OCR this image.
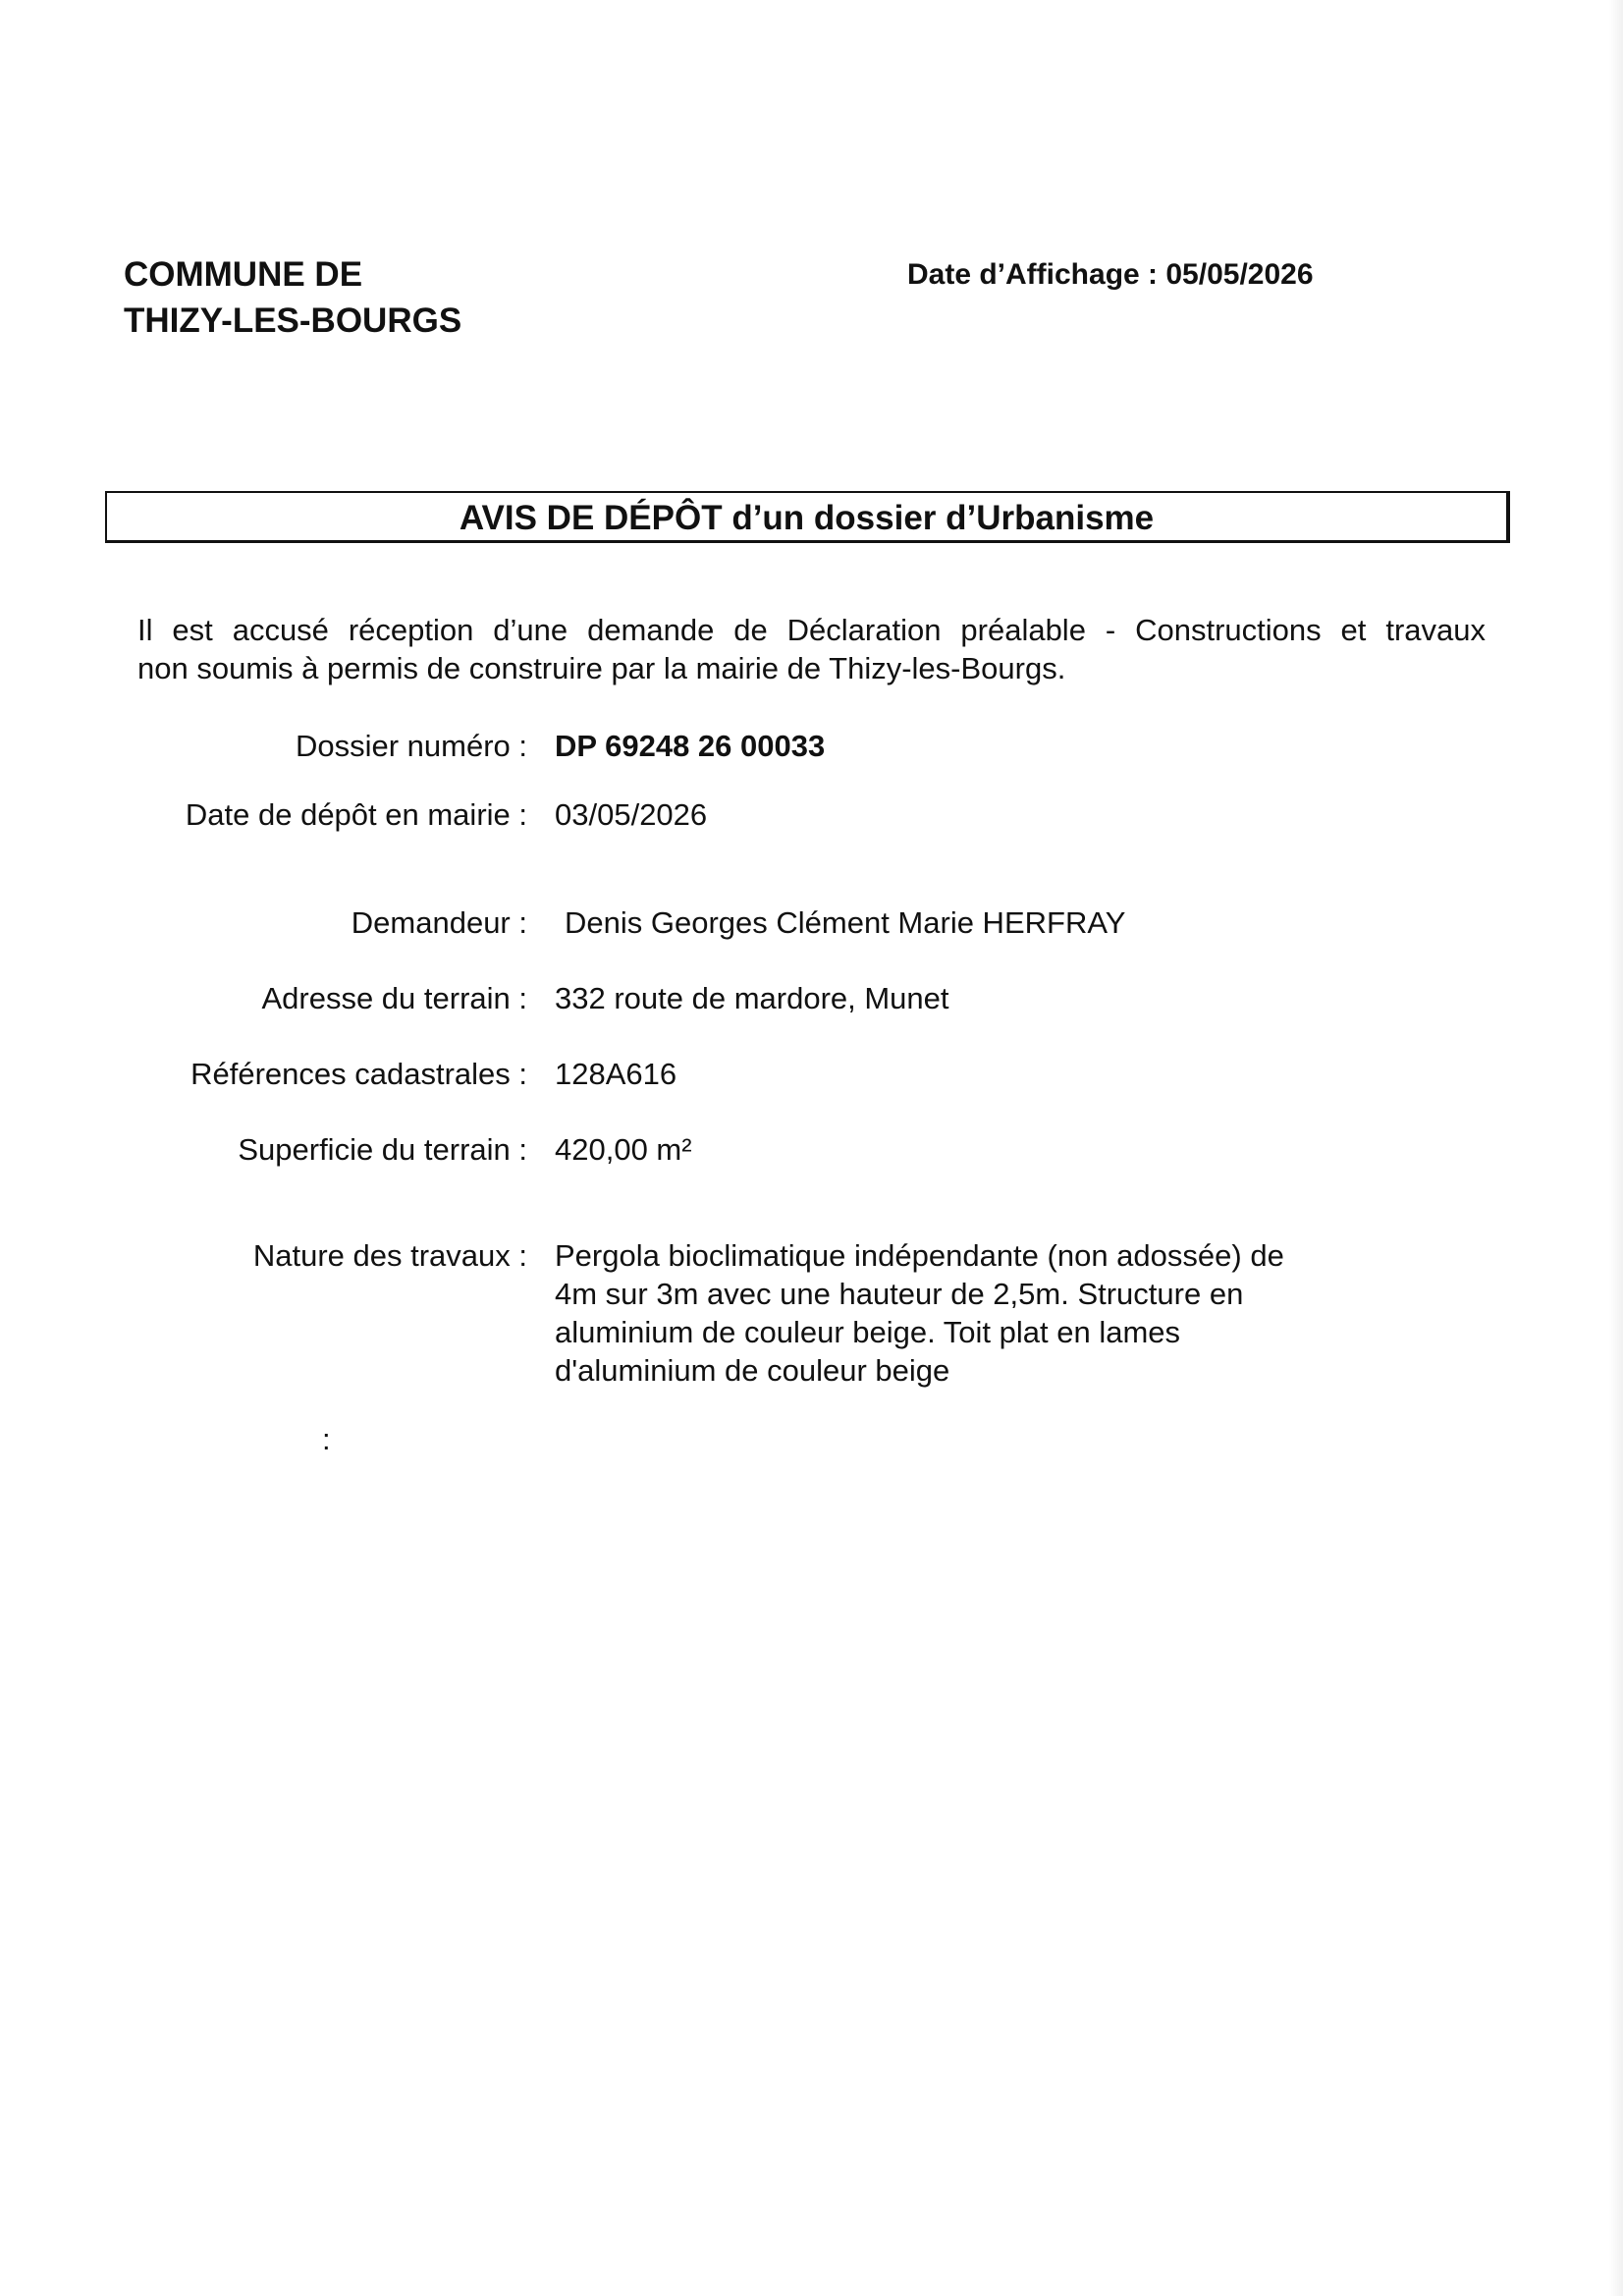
COMMUNE DE
THIZY-LES-BOURGS
Date d’Affichage : 05/05/2026
AVIS DE DÉPÔT d’un dossier d’Urbanisme
Il est accusé réception d’une demande de Déclaration préalable - Constructions et travaux
non soumis à permis de construire par la mairie de Thizy-les-Bourgs.
Dossier numéro : DP 69248 26 00033
Date de dépôt en mairie : 03/05/2026
Demandeur : Denis Georges Clément Marie HERFRAY
Adresse du terrain : 332 route de mardore, Munet
Références cadastrales : 128A616
Superficie du terrain : 420,00 m²
Nature des travaux : Pergola bioclimatique indépendante (non adossée) de
4m sur 3m avec une hauteur de 2,5m. Structure en
aluminium de couleur beige. Toit plat en lames
d'aluminium de couleur beige
:
